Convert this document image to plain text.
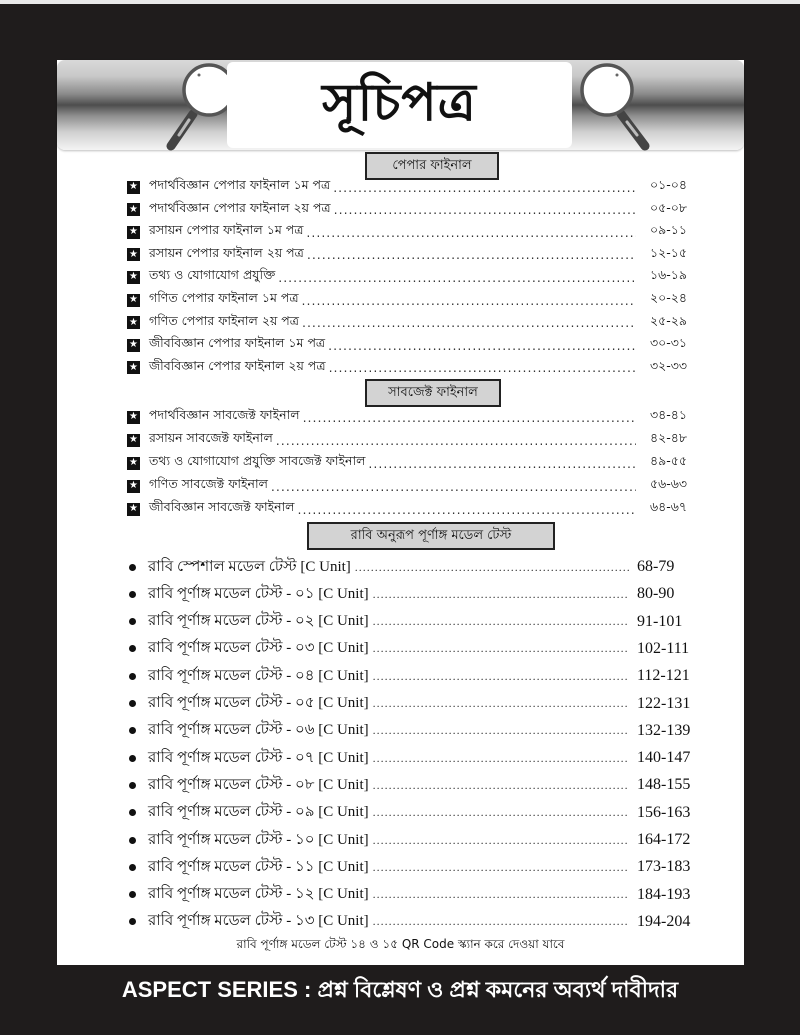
সূচিপত্র
পেপার ফাইনাল
★ পদার্থবিজ্ঞান পেপার ফাইনাল ১ম পত্র .....	০১-০৪
★ পদার্থবিজ্ঞান পেপার ফাইনাল ২য় পত্র .....	০৫-০৮
★ রসায়ন পেপার ফাইনাল ১ম পত্র .....	০৯-১১
★ রসায়ন পেপার ফাইনাল ২য় পত্র .....	১২-১৫
★ তথ্য ও যোগাযোগ প্রযুক্তি .....	১৬-১৯
★ গণিত পেপার ফাইনাল ১ম পত্র .....	২০-২৪
★ গণিত পেপার ফাইনাল ২য় পত্র .....	২৫-২৯
★ জীববিজ্ঞান পেপার ফাইনাল ১ম পত্র .....	৩০-৩১
★ জীববিজ্ঞান পেপার ফাইনাল ২য় পত্র .....	৩২-৩৩
সাবজেক্ট ফাইনাল
★ পদার্থবিজ্ঞান সাবজেক্ট ফাইনাল .....	৩৪-৪১
★ রসায়ন সাবজেক্ট ফাইনাল .....	৪২-৪৮
★ তথ্য ও যোগাযোগ প্রযুক্তি সাবজেক্ট ফাইনাল .....	৪৯-৫৫
★ গণিত সাবজেক্ট ফাইনাল .....	৫৬-৬৩
★ জীববিজ্ঞান সাবজেক্ট ফাইনাল .....	৬৪-৬৭
রাবি অনুরূপ পূর্ণাঙ্গ মডেল টেস্ট
রাবি স্পেশাল মডেল টেস্ট [C Unit] .....	68-79
রাবি পূর্ণাঙ্গ মডেল টেস্ট - ০১ [C Unit] .....	80-90
রাবি পূর্ণাঙ্গ মডেল টেস্ট - ০২ [C Unit] .....	91-101
রাবি পূর্ণাঙ্গ মডেল টেস্ট - ০৩ [C Unit] .....	102-111
রাবি পূর্ণাঙ্গ মডেল টেস্ট - ০৪ [C Unit] .....	112-121
রাবি পূর্ণাঙ্গ মডেল টেস্ট - ০৫ [C Unit] .....	122-131
রাবি পূর্ণাঙ্গ মডেল টেস্ট - ০৬ [C Unit] .....	132-139
রাবি পূর্ণাঙ্গ মডেল টেস্ট - ০৭ [C Unit] .....	140-147
রাবি পূর্ণাঙ্গ মডেল টেস্ট - ০৮ [C Unit] .....	148-155
রাবি পূর্ণাঙ্গ মডেল টেস্ট - ০৯ [C Unit] .....	156-163
রাবি পূর্ণাঙ্গ মডেল টেস্ট - ১০ [C Unit] .....	164-172
রাবি পূর্ণাঙ্গ মডেল টেস্ট - ১১ [C Unit] .....	173-183
রাবি পূর্ণাঙ্গ মডেল টেস্ট - ১২ [C Unit] .....	184-193
রাবি পূর্ণাঙ্গ মডেল টেস্ট - ১৩ [C Unit] .....	194-204
রাবি পূর্ণাঙ্গ মডেল টেস্ট ১৪ ও ১৫ QR Code স্ক্যান করে দেওয়া যাবে
ASPECT SERIES : প্রশ্ন বিশ্লেষণ ও প্রশ্ন কমনের অব্যর্থ দাবীদার
